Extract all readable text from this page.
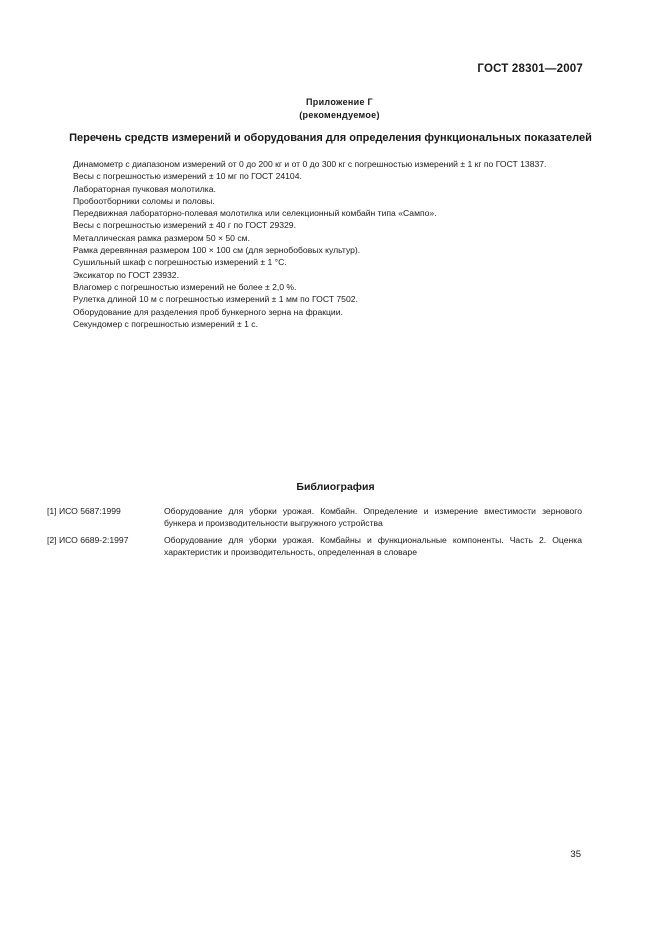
ГОСТ 28301—2007
Приложение Г
(рекомендуемое)
Перечень средств измерений и оборудования для определения функциональных показателей

Динамометр с диапазоном измерений от 0 до 200 кг и от 0 до 300 кг с погрешностью измерений ± 1 кг по ГОСТ 13837.

Весы с погрешностью измерений ± 10 мг по ГОСТ 24104.

Лабораторная пучковая молотилка.

Пробоотборники соломы и половы.

Передвижная лабораторно-полевая молотилка или селекционный комбайн типа «Сампо».

Весы с погрешностью измерений ± 40 г по ГОСТ 29329.

Металлическая рамка размером 50 × 50 см.

Рамка деревянная размером 100 × 100 см (для зернобобовых культур).

Сушильный шкаф с погрешностью измерений ± 1 °С.

Эксикатор по ГОСТ 23932.

Влагомер с погрешностью измерений не более ± 2,0 %.

Рулетка длиной 10 м с погрешностью измерений ± 1 мм по ГОСТ 7502.

Оборудование для разделения проб бункерного зерна на фракции.

Секундомер с погрешностью измерений ± 1 с.

Библиография
[1] ИСО 5687:1999	Оборудование для уборки урожая. Комбайн. Определение и измерение вместимости зернового бункера и производительности выгружного устройства
[2] ИСО 6689-2:1997	Оборудование для уборки урожая. Комбайны и функциональные компоненты. Часть 2. Оценка характеристик и производительность, определенная в словаре
35
